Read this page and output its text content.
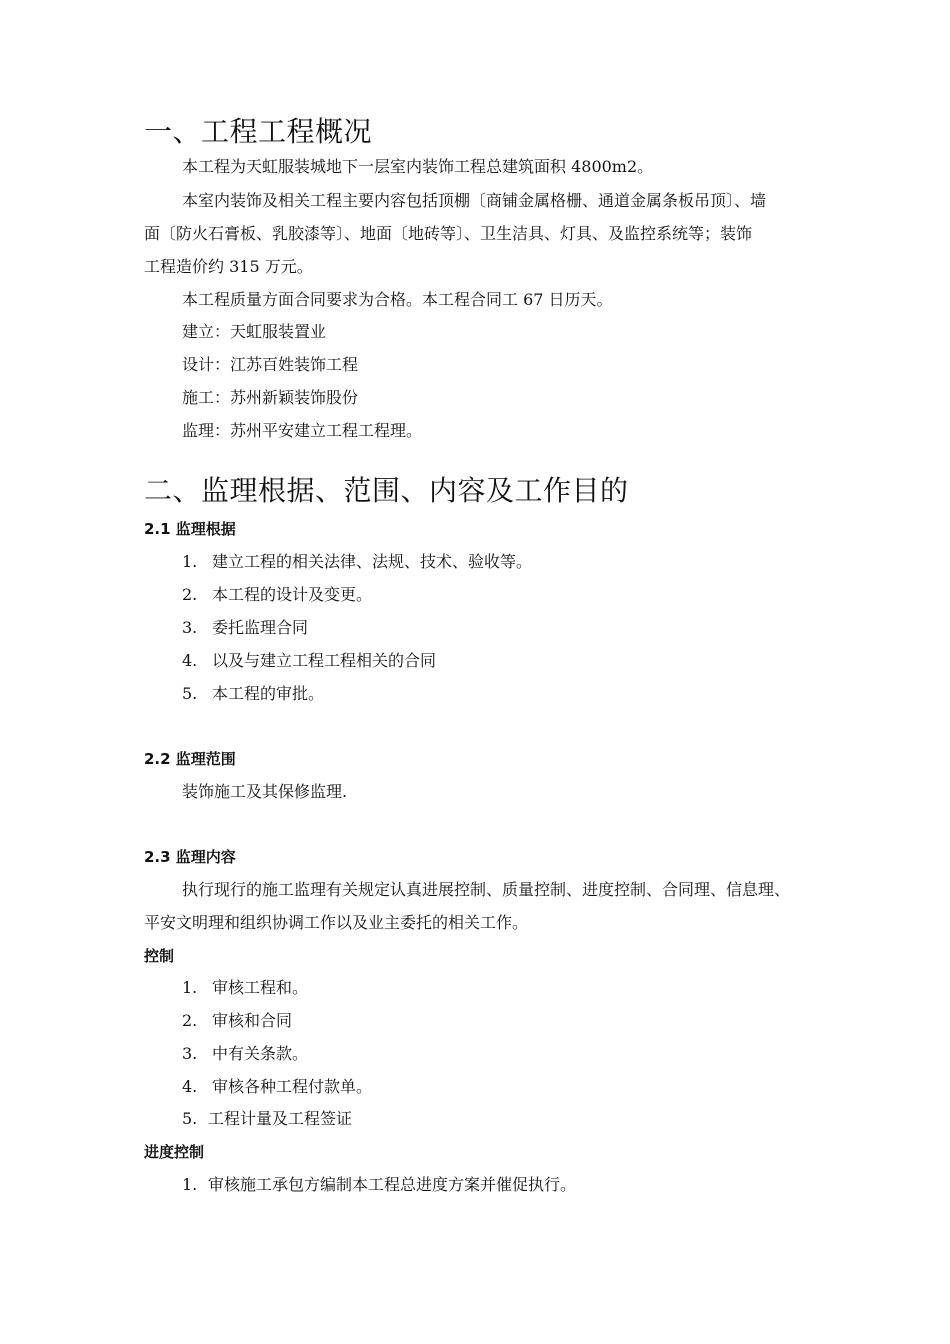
一、工程工程概况
本工程为天虹服装城地下一层室内装饰工程总建筑面积 4800m2。
本室内装饰及相关工程主要内容包括顶棚〔商铺金属格栅、通道金属条板吊顶〕、墙
面〔防火石膏板、乳胶漆等〕、地面〔地砖等〕、卫生洁具、灯具、及监控系统等；装饰
工程造价约 315 万元。
本工程质量方面合同要求为合格。本工程合同工 67 日历天。
建立：天虹服装置业
设计：江苏百姓装饰工程
施工：苏州新颖装饰股份
监理：苏州平安建立工程工程理。
二、监理根据、范围、内容及工作目的
2.1 监理根据
1. 建立工程的相关法律、法规、技术、验收等。
2. 本工程的设计及变更。
3. 委托监理合同
4. 以及与建立工程工程相关的合同
5. 本工程的审批。
2.2 监理范围
装饰施工及其保修监理.
2.3 监理内容
执行现行的施工监理有关规定认真进展控制、质量控制、进度控制、合同理、信息理、
平安文明理和组织协调工作以及业主委托的相关工作。
控制
1. 审核工程和。
2. 审核和合同
3. 中有关条款。
4. 审核各种工程付款单。
5. 工程计量及工程签证
进度控制
1. 审核施工承包方编制本工程总进度方案并催促执行。
